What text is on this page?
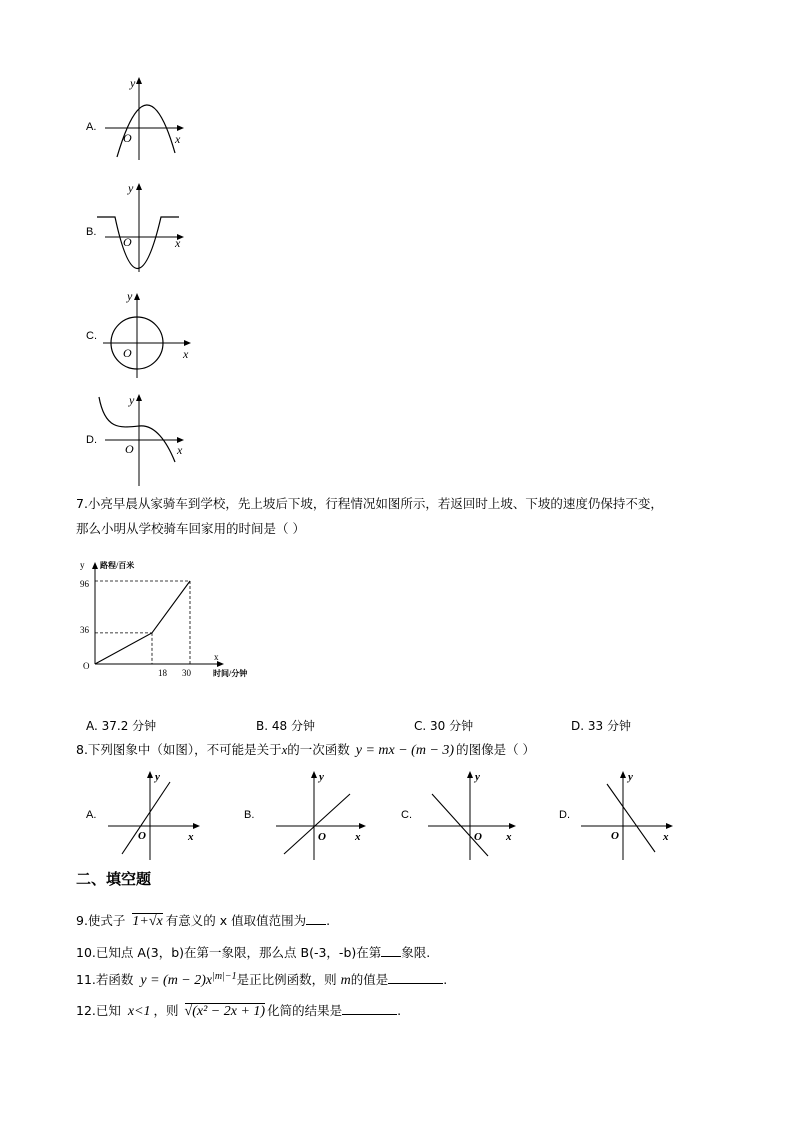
A.
y
x
O
B.
y
x
O
C.
y
x
O
D.
y
x
O
7.小亮早晨从家骑车到学校，先上坡后下坡，行程情况如图所示，若返回时上坡、下坡的速度仍保持不变，
那么小明从学校骑车回家用的时间是（ ）
y 路程/百米
x
时间/分钟
O
96
36
18 30
A. 37.2 分钟	B. 48 分钟	C. 30 分钟	D. 33 分钟
8.下列图象中（如图），不可能是关于x的一次函数 y = mx − (m − 3) 的图像是（ ）
A.
y
x
O
B.
y
x
O
C.
y
x
O
D.
y
x
O
二、填空题
9.使式子 1+√x 有意义的 x 值取值范围为 .
10.已知点 A(3，b)在第一象限，那么点 B(-3，-b)在第 象限.
11.若函数 $y = (m - 2)x^{|m|-1}$是正比例函数，则 m的值是	.
12.已知 x<1 ，则 √(x² − 2x + 1) 化简的结果是	.
